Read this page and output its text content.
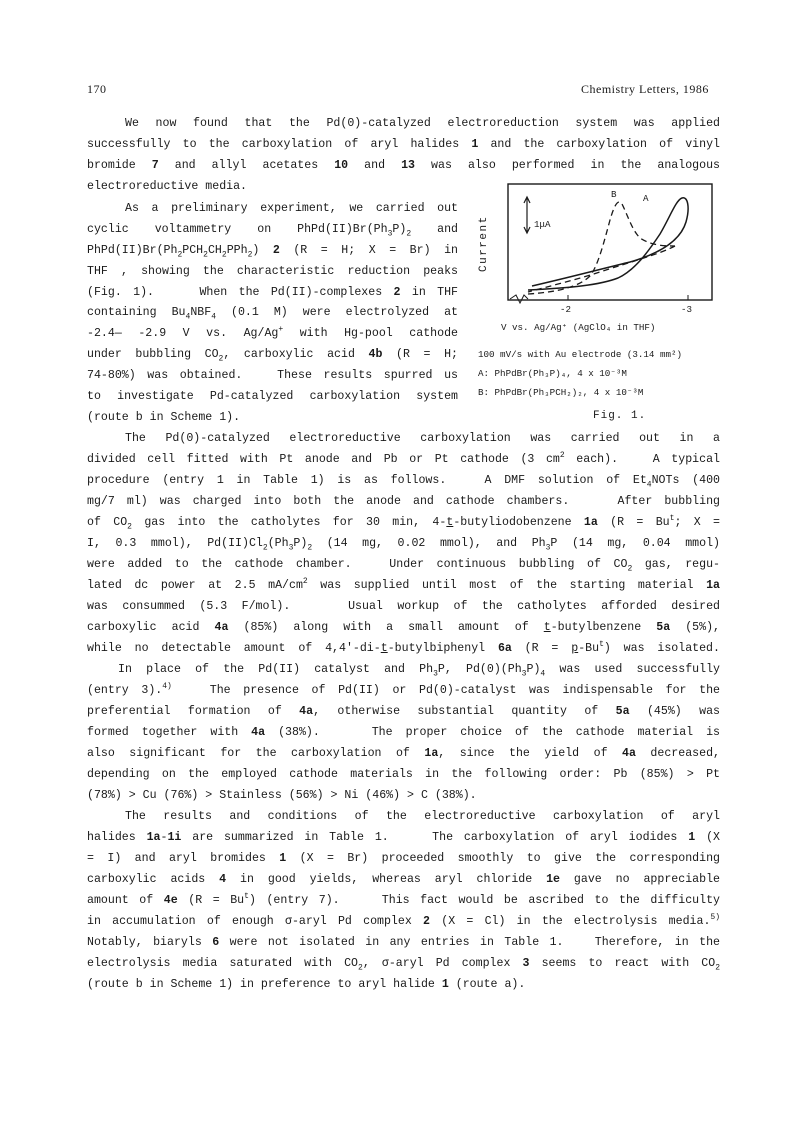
170	Chemistry Letters, 1986
We now found that the Pd(0)-catalyzed electroreduction system was applied
successfully to the carboxylation of aryl halides 1 and the carboxylation of vinyl
bromide 7 and allyl acetates 10 and 13 was also performed in the analogous
electroreductive media.
As a preliminary experiment, we carried out
cyclic voltammetry on $PhPd(II)Br(Ph_3P)_2$ and
$PhPd(II)Br(Ph_2PCH_2CH_2PPh_2)$ 2 (R = H; X = Br) in
THF , showing the characteristic reduction peaks
(Fig. 1).    When the Pd(II)-complexes 2 in THF
containing $Bu_4NBF_4$ (0.1 M) were electrolyzed at
-2.4— -2.9 V vs. Ag/Ag+ with Hg-pool cathode
under bubbling $CO_2$, carboxylic acid 4b (R = H;
74-80%) was obtained.   These results spurred us
to investigate Pd-catalyzed carboxylation system
(route b in Scheme 1).
Current	1μA
B	A
-2	-3
V vs. Ag/Ag⁺ (AgClO₄ in THF)
100 mV/s with Au electrode (3.14 mm²)
A: PhPdBr(Ph₃P)₄, 4 x 10⁻³M
B: PhPdBr(Ph₃PCH₂)₂, 4 x 10⁻³M
Fig. 1.
The Pd(0)-catalyzed electroreductive carboxylation was carried out in a
divided cell fitted with Pt anode and Pb or Pt cathode (3 $cm^2$ each).   A typical
procedure (entry 1 in Table 1) is as follows.   A DMF solution of $Et_4NOTs$ (400
mg/7 ml) was charged into both the anode and cathode chambers.    After bubbling
of $CO_2$ gas into the catholytes for 30 min, 4-t-butyliodobenzene 1a ($R = Bu^t$; X =
I, 0.3 mmol), $Pd(II)Cl_2(Ph_3P)_2$ (14 mg, 0.02 mmol), and $Ph_3P$ (14 mg, 0.04 mmol)
were added to the cathode chamber.   Under continuous bubbling of $CO_2$ gas, regu-
lated dc power at 2.5 $mA/cm^2$ was supplied until most of the starting material 1a
was consummed (5.3 F/mol).    Usual workup of the catholytes afforded desired
carboxylic acid 4a (85%) along with a small amount of t-butylbenzene 5a (5%),
while no detectable amount of 4,4'-di-t-butylbiphenyl 6a $(R = p-Bu^t)$ was isolated.
In place of the Pd(II) catalyst and $Ph_3P$, $Pd(0)(Ph_3P)_4$ was used successfully
(entry 3).$^{4)}$   The presence of Pd(II) or Pd(0)-catalyst was indispensable for the
preferential formation of 4a, otherwise substantial quantity of 5a (45%) was
formed together with 4a (38%).    The proper choice of the cathode material is
also significant for the carboxylation of 1a, since the yield of 4a decreased,
depending on the employed cathode materials in the following order: Pb (85%) > Pt
(78%) > Cu (76%) > Stainless (56%) > Ni (46%) > C (38%).
The results and conditions of the electroreductive carboxylation of aryl
halides 1a-1i are summarized in Table 1.    The carboxylation of aryl iodides 1 (X
= I) and aryl bromides 1 (X = Br) proceeded smoothly to give the corresponding
carboxylic acids 4 in good yields, whereas aryl chloride 1e gave no appreciable
amount of 4e $(R = Bu^t)$ (entry 7).    This fact would be ascribed to the difficulty
in accumulation of enough σ-aryl Pd complex 2 (X = Cl) in the electrolysis media.$^{5)}$
Notably, biaryls 6 were not isolated in any entries in Table 1.   Therefore, in the
electrolysis media saturated with $CO_2$, σ-aryl Pd complex 3 seems to react with $CO_2$
(route b in Scheme 1) in preference to aryl halide 1 (route a).
